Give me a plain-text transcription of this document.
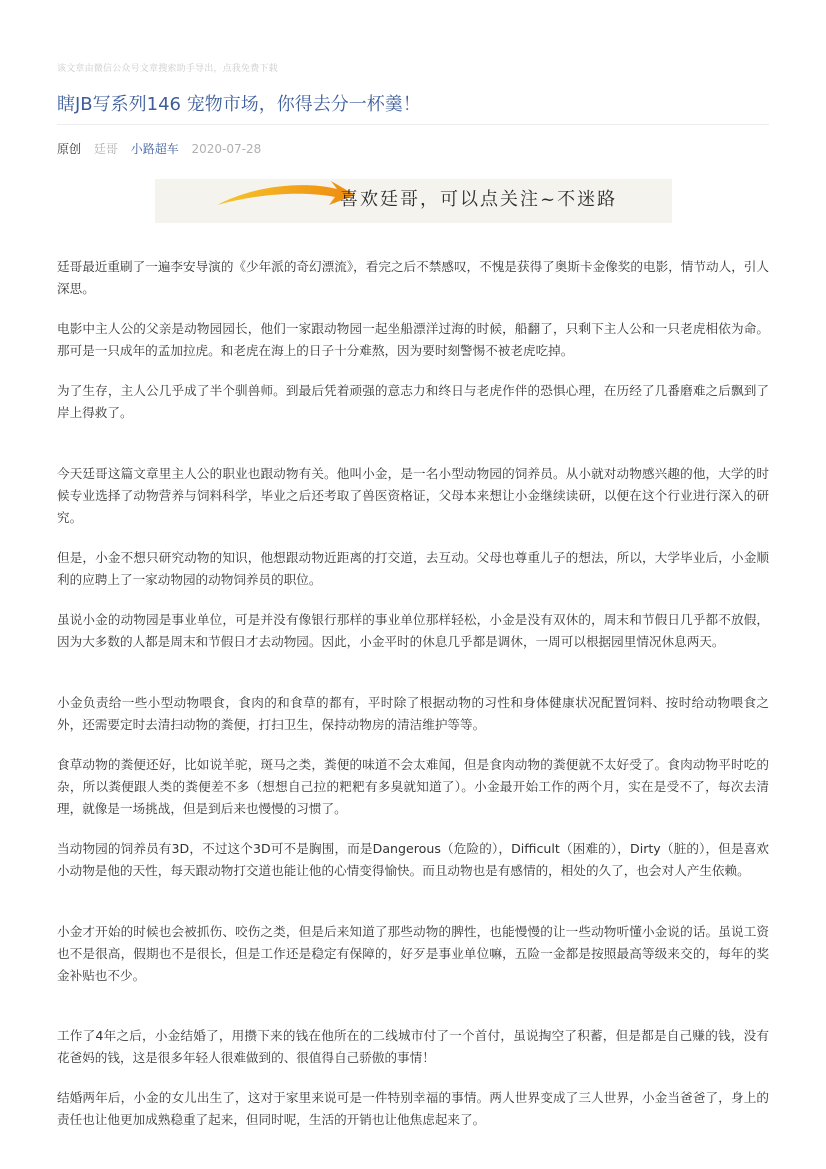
该文章由微信公众号文章搜索助手导出，点我免费下载
瞎JB写系列146 宠物市场，你得去分一杯羹！
原创 廷哥 小路超车 2020-07-28
喜欢廷哥，可以点关注~不迷路

廷哥最近重刷了一遍李安导演的《少年派的奇幻漂流》，看完之后不禁感叹，不愧是获得了奥斯卡金像奖的电影，情节动人，引人深思。

电影中主人公的父亲是动物园园长，他们一家跟动物园一起坐船漂洋过海的时候，船翻了，只剩下主人公和一只老虎相依为命。那可是一只成年的孟加拉虎。和老虎在海上的日子十分难熬，因为要时刻警惕不被老虎吃掉。

为了生存，主人公几乎成了半个驯兽师。到最后凭着顽强的意志力和终日与老虎作伴的恐惧心理，在历经了几番磨难之后飘到了岸上得救了。

今天廷哥这篇文章里主人公的职业也跟动物有关。他叫小金，是一名小型动物园的饲养员。从小就对动物感兴趣的他，大学的时候专业选择了动物营养与饲料科学，毕业之后还考取了兽医资格证，父母本来想让小金继续读研，以便在这个行业进行深入的研究。

但是，小金不想只研究动物的知识，他想跟动物近距离的打交道，去互动。父母也尊重儿子的想法，所以，大学毕业后，小金顺利的应聘上了一家动物园的动物饲养员的职位。

虽说小金的动物园是事业单位，可是并没有像银行那样的事业单位那样轻松，小金是没有双休的，周末和节假日几乎都不放假，因为大多数的人都是周末和节假日才去动物园。因此，小金平时的休息几乎都是调休，一周可以根据园里情况休息两天。

小金负责给一些小型动物喂食，食肉的和食草的都有，平时除了根据动物的习性和身体健康状况配置饲料、按时给动物喂食之外，还需要定时去清扫动物的粪便，打扫卫生，保持动物房的清洁维护等等。

食草动物的粪便还好，比如说羊驼，斑马之类，粪便的味道不会太难闻，但是食肉动物的粪便就不太好受了。食肉动物平时吃的杂，所以粪便跟人类的粪便差不多（想想自己拉的粑粑有多臭就知道了）。小金最开始工作的两个月，实在是受不了，每次去清理，就像是一场挑战，但是到后来也慢慢的习惯了。

当动物园的饲养员有3D，不过这个3D可不是胸围，而是Dangerous（危险的），Difficult（困难的），Dirty（脏的），但是喜欢小动物是他的天性，每天跟动物打交道也能让他的心情变得愉快。而且动物也是有感情的，相处的久了，也会对人产生依赖。

小金才开始的时候也会被抓伤、咬伤之类，但是后来知道了那些动物的脾性，也能慢慢的让一些动物听懂小金说的话。虽说工资也不是很高，假期也不是很长，但是工作还是稳定有保障的，好歹是事业单位嘛，五险一金都是按照最高等级来交的，每年的奖金补贴也不少。

工作了4年之后，小金结婚了，用攒下来的钱在他所在的二线城市付了一个首付，虽说掏空了积蓄，但是都是自己赚的钱，没有花爸妈的钱，这是很多年轻人很难做到的、很值得自己骄傲的事情！

结婚两年后，小金的女儿出生了，这对于家里来说可是一件特别幸福的事情。两人世界变成了三人世界，小金当爸爸了，身上的责任也让他更加成熟稳重了起来，但同时呢，生活的开销也让他焦虑起来了。
